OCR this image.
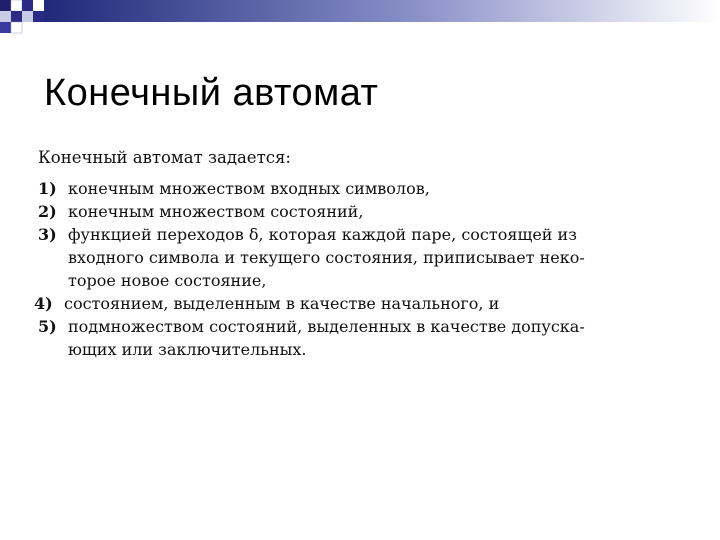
Конечный автомат

Конечный автомат задается:

1) конечным множеством входных символов,
2) конечным множеством состояний,
3) функцией переходов δ, которая каждой паре, состоящей из
входного символа и текущего состояния, приписывает неко-
торое новое состояние,
4) состоянием, выделенным в качестве начального, и
5) подмножеством состояний, выделенных в качестве допуска-
ющих или заключительных.
